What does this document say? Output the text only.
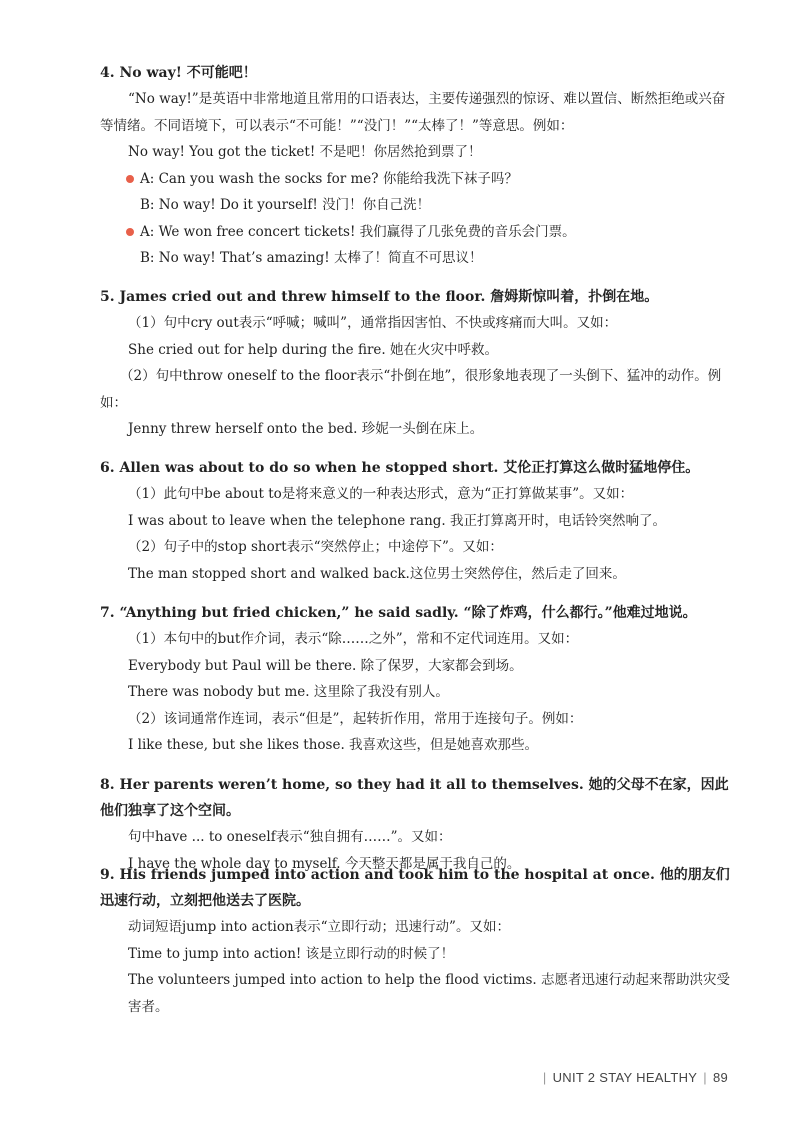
4. No way! 不可能吧！

“No way!”是英语中非常地道且常用的口语表达，主要传递强烈的惊讶、难以置信、断然拒绝或兴奋等情绪。不同语境下，可以表示“不可能！”“没门！”“太棒了！”等意思。例如：

No way! You got the ticket! 不是吧！你居然抢到票了！

A: Can you wash the socks for me? 你能给我洗下袜子吗？

B: No way! Do it yourself! 没门！你自己洗！

A: We won free concert tickets! 我们赢得了几张免费的音乐会门票。

B: No way! That’s amazing! 太棒了！简直不可思议！

5. James cried out and threw himself to the floor. 詹姆斯惊叫着，扑倒在地。

（1）句中cry out表示“呼喊；喊叫”，通常指因害怕、不快或疼痛而大叫。又如：

She cried out for help during the fire. 她在火灾中呼救。

（2）句中throw oneself to the floor表示“扑倒在地”，很形象地表现了一头倒下、猛冲的动作。例如：

Jenny threw herself onto the bed. 珍妮一头倒在床上。

6. Allen was about to do so when he stopped short. 艾伦正打算这么做时猛地停住。

（1）此句中be about to是将来意义的一种表达形式，意为“正打算做某事”。又如：

I was about to leave when the telephone rang. 我正打算离开时，电话铃突然响了。

（2）句子中的stop short表示“突然停止；中途停下”。又如：

The man stopped short and walked back.这位男士突然停住，然后走了回来。

7. “Anything but fried chicken,” he said sadly. “除了炸鸡，什么都行。”他难过地说。

（1）本句中的but作介词，表示“除……之外”，常和不定代词连用。又如：

Everybody but Paul will be there. 除了保罗，大家都会到场。

There was nobody but me. 这里除了我没有别人。

（2）该词通常作连词，表示“但是”，起转折作用，常用于连接句子。例如：

I like these, but she likes those. 我喜欢这些，但是她喜欢那些。

8. Her parents weren’t home, so they had it all to themselves. 她的父母不在家，因此他们独享了这个空间。

句中have ... to oneself表示“独自拥有……”。又如：

I have the whole day to myself. 今天整天都是属于我自己的。

9. His friends jumped into action and took him to the hospital at once. 他的朋友们迅速行动，立刻把他送去了医院。

动词短语jump into action表示“立即行动；迅速行动”。又如：

Time to jump into action! 该是立即行动的时候了！

The volunteers jumped into action to help the flood victims. 志愿者迅速行动起来帮助洪灾受害者。

| UNIT 2 STAY HEALTHY | 89
